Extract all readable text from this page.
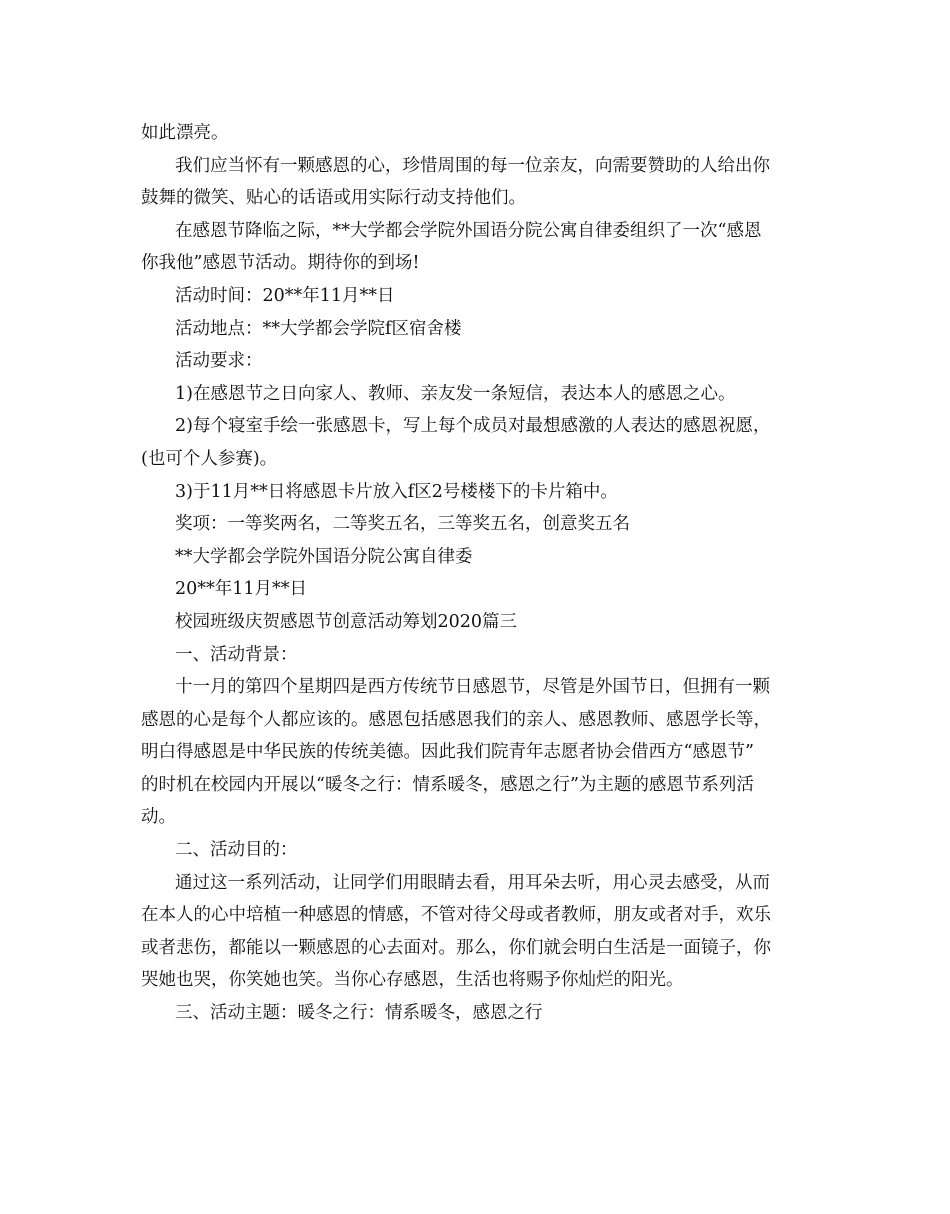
如此漂亮。

我们应当怀有一颗感恩的心，珍惜周围的每一位亲友，向需要赞助的人给出你

鼓舞的微笑、贴心的话语或用实际行动支持他们。

在感恩节降临之际，**大学都会学院外国语分院公寓自律委组织了一次“感恩

你我他”感恩节活动。期待你的到场!

活动时间：20**年11月**日

活动地点：**大学都会学院f区宿舍楼

活动要求：

1)在感恩节之日向家人、教师、亲友发一条短信，表达本人的感恩之心。

2)每个寝室手绘一张感恩卡，写上每个成员对最想感激的人表达的感恩祝愿，

(也可个人参赛)。

3)于11月**日将感恩卡片放入f区2号楼楼下的卡片箱中。

奖项：一等奖两名，二等奖五名，三等奖五名，创意奖五名

**大学都会学院外国语分院公寓自律委

20**年11月**日

校园班级庆贺感恩节创意活动筹划2020篇三

一、活动背景：

十一月的第四个星期四是西方传统节日感恩节，尽管是外国节日，但拥有一颗

感恩的心是每个人都应该的。感恩包括感恩我们的亲人、感恩教师、感恩学长等，

明白得感恩是中华民族的传统美德。因此我们院青年志愿者协会借西方“感恩节”

的时机在校园内开展以“暖冬之行：情系暖冬，感恩之行”为主题的感恩节系列活

动。

二、活动目的：

通过这一系列活动，让同学们用眼睛去看，用耳朵去听，用心灵去感受，从而

在本人的心中培植一种感恩的情感，不管对待父母或者教师，朋友或者对手，欢乐

或者悲伤，都能以一颗感恩的心去面对。那么，你们就会明白生活是一面镜子，你

哭她也哭，你笑她也笑。当你心存感恩，生活也将赐予你灿烂的阳光。

三、活动主题：暖冬之行：情系暖冬，感恩之行
